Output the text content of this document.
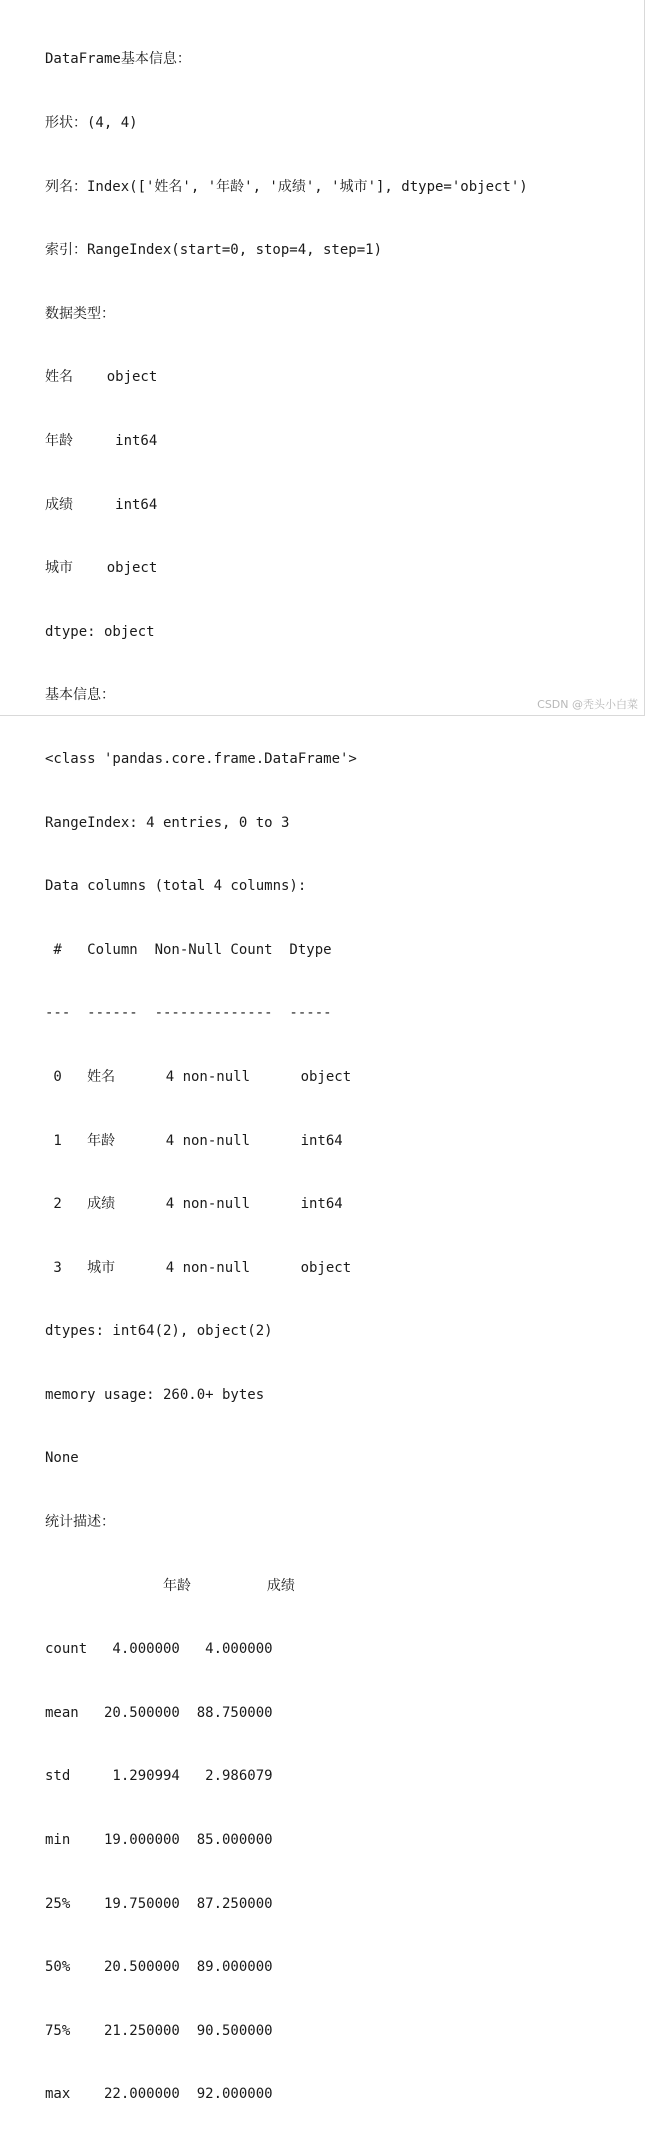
DataFrame基本信息：

形状：(4, 4)

列名：Index(['姓名', '年龄', '成绩', '城市'], dtype='object')

索引：RangeIndex(start=0, stop=4, step=1)

数据类型：

姓名    object

年龄     int64

成绩     int64

城市    object

dtype: object

基本信息：

<class 'pandas.core.frame.DataFrame'>

RangeIndex: 4 entries, 0 to 3

Data columns (total 4 columns):

#   Column  Non-Null Count  Dtype

---  ------  --------------  -----

0   姓名      4 non-null      object

1   年龄      4 non-null      int64

2   成绩      4 non-null      int64

3   城市      4 non-null      object

dtypes: int64(2), object(2)

memory usage: 260.0+ bytes

None

统计描述：

年龄         成绩

count   4.000000   4.000000

mean   20.500000  88.750000

std     1.290994   2.986079

min    19.000000  85.000000

25%    19.750000  87.250000

50%    20.500000  89.000000

75%    21.250000  90.500000

max    22.000000  92.000000

CSDN @秃头小白菜
